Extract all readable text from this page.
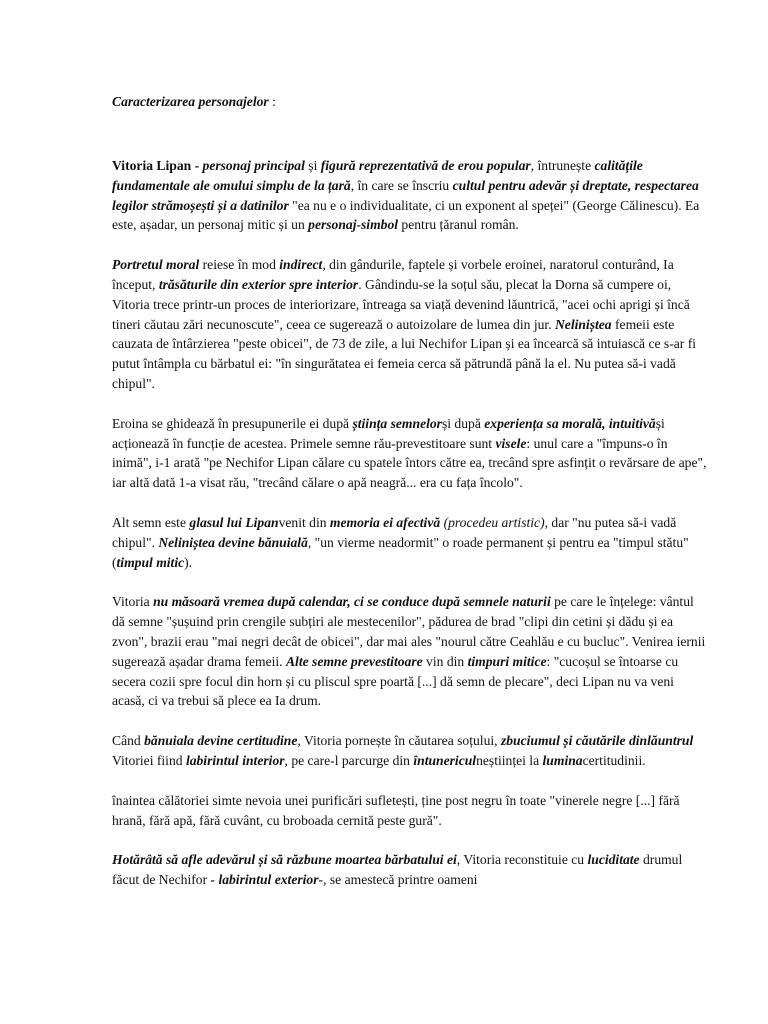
Caracterizarea personajelor :

Vitoria Lipan - personaj principal și figură reprezentativă de erou popular, întrunește calitățile fundamentale ale omului simplu de la țară, în care se înscriu cultul pentru adevăr și dreptate, respectarea legilor strămoșești și a datinilor "ea nu e o individualitate, ci un exponent al speței" (George Călinescu). Ea este, așadar, un personaj mitic și un personaj-simbol pentru țăranul român.

Portretul moral reiese în mod indirect, din gândurile, faptele și vorbele eroinei, naratorul conturând, Ia început, trăsăturile din exterior spre interior. Gândindu-se la soțul său, plecat la Dorna să cumpere oi, Vitoria trece printr-un proces de interiorizare, întreaga sa viață devenind lăuntrică, "acei ochi aprigi și încă tineri căutau zări necunoscute", ceea ce sugerează o autoizolare de lumea din jur. Neliniștea femeii este cauzata de întârzierea "peste obicei", de 73 de zile, a lui Nechifor Lipan și ea încearcă să intuiască ce s-ar fi putut întâmpla cu bărbatul ei: "în singurătatea ei femeia cerca să pătrundă până la el. Nu putea să-i vadă chipul".

Eroina se ghidează în presupunerile ei după știința semnelorși după experiența sa morală, intuitivăși acționează în funcție de acestea. Primele semne rău-prevestitoare sunt visele: unul care a "împuns-o în inimă", i-1 arată "pe Nechifor Lipan călare cu spatele întors către ea, trecând spre asfințit o revărsare de ape", iar altă dată 1-a visat rău, "trecând călare o apă neagră... era cu fața încolo".

Alt semn este glasul lui Lipanvenit din memoria ei afectivă (procedeu artistic), dar "nu putea să-i vadă chipul". Neliniștea devine bănuială, "un vierme neadormit" o roade permanent și pentru ea "timpul stătu" (timpul mitic).

Vitoria nu măsoară vremea după calendar, ci se conduce după semnele naturii pe care le înțelege: vântul dă semne "șușuind prin crengile subțiri ale mestecenilor", pădurea de brad "clipi din cetini și dădu și ea zvon", brazii erau "mai negri decât de obicei", dar mai ales "nourul către Ceahlău e cu bucluc". Venirea iernii sugerează așadar drama femeii. Alte semne prevestitoare vin din timpuri mitice: "cucoșul se întoarse cu secera cozii spre focul din horn și cu pliscul spre poartă [...] dă semn de plecare", deci Lipan nu va veni acasă, ci va trebui să plece ea Ia drum.

Când bănuiala devine certitudine, Vitoria pornește în căutarea soțului, zbuciumul și căutările dinlăuntrul Vitoriei fiind labirintul interior, pe care-l parcurge din întunericulneștiinței la luminacertitudinii.

înaintea călătoriei simte nevoia unei purificări sufletești, ține post negru în toate "vinerele negre [...] fără hrană, fără apă, fără cuvânt, cu broboada cernită peste gură".

Hotărâtă să afle adevărul și să răzbune moartea bărbatului ei, Vitoria reconstituie cu luciditate drumul făcut de Nechifor - labirintul exterior-, se amestecă printre oameni
